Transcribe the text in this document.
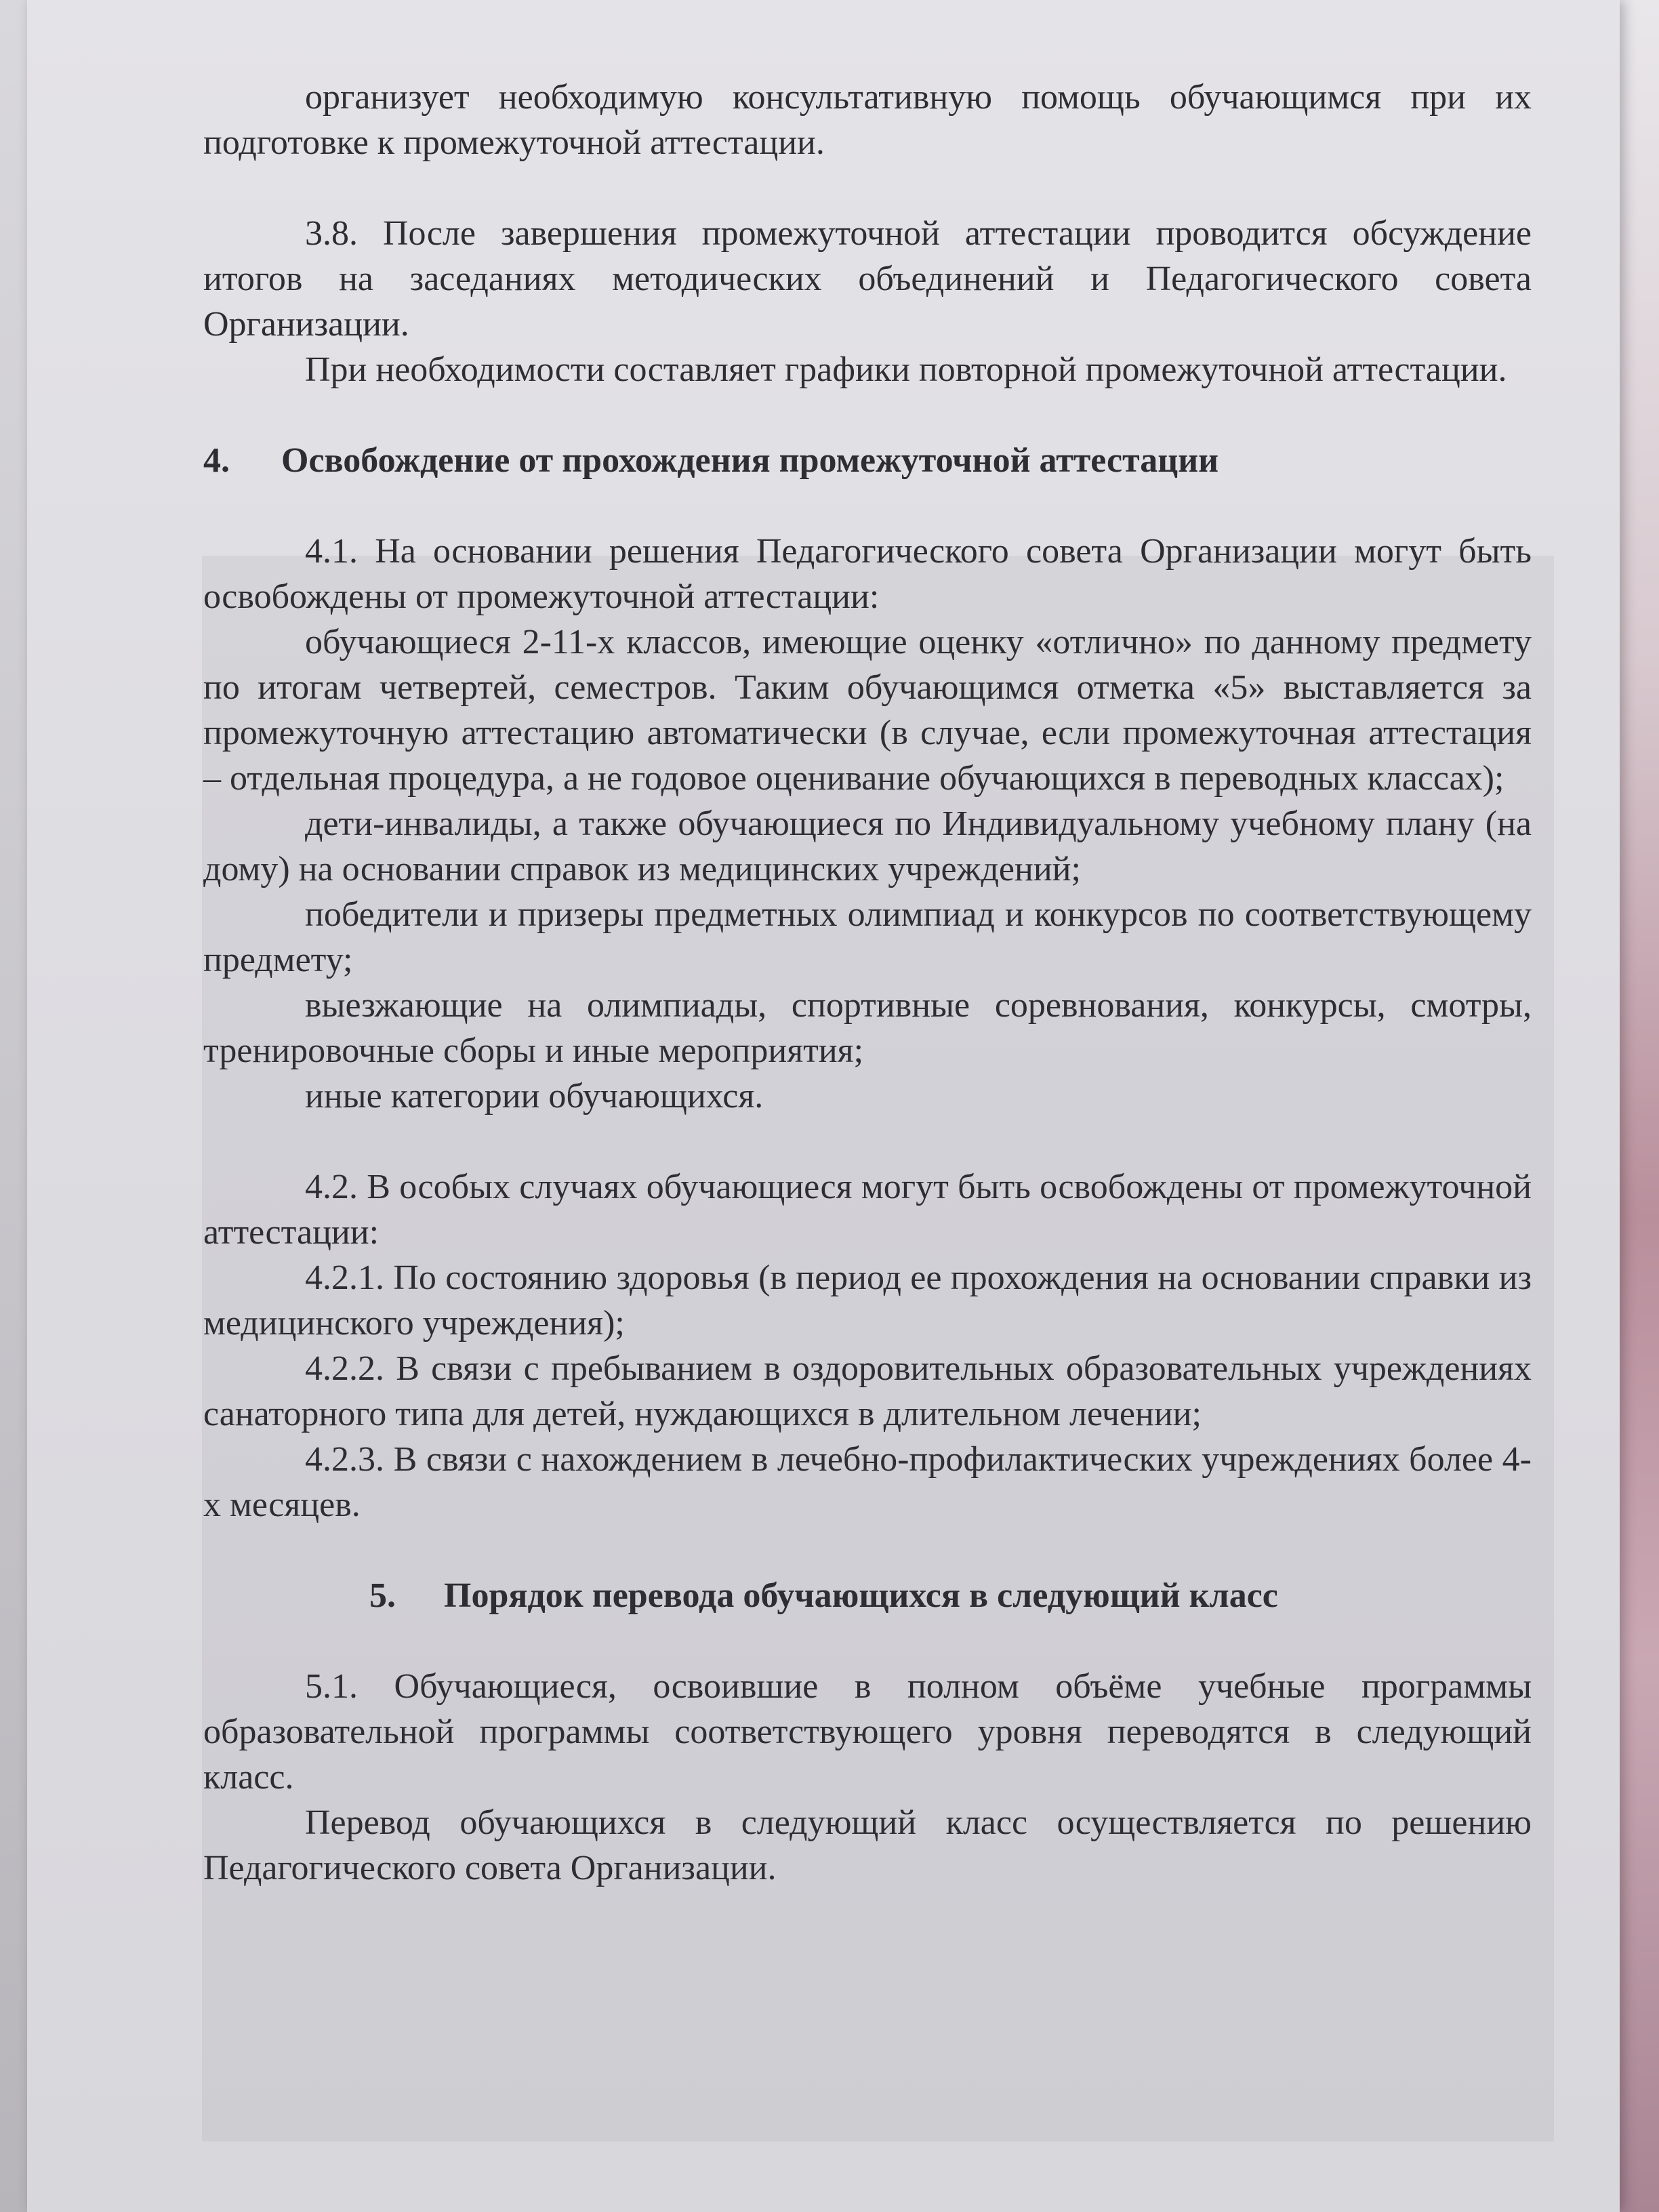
организует необходимую консультативную помощь обучающимся при их подготовке к промежуточной аттестации.

3.8. После завершения промежуточной аттестации проводится обсуждение итогов на заседаниях методических объединений и Педагогического совета Организации.

При необходимости составляет графики повторной промежуточной аттестации.

4. Освобождение от прохождения промежуточной аттестации

4.1. На основании решения Педагогического совета Организации могут быть освобождены от промежуточной аттестации:

обучающиеся 2-11-х классов, имеющие оценку «отлично» по данному предмету по итогам четвертей, семестров. Таким обучающимся отметка «5» выставляется за промежуточную аттестацию автоматически (в случае, если промежуточная аттестация – отдельная процедура, а не годовое оценивание обучающихся в переводных классах);

дети-инвалиды, а также обучающиеся по Индивидуальному учебному плану (на дому) на основании справок из медицинских учреждений;

победители и призеры предметных олимпиад и конкурсов по соответствующему предмету;

выезжающие на олимпиады, спортивные соревнования, конкурсы, смотры, тренировочные сборы и иные мероприятия;

иные категории обучающихся.

4.2. В особых случаях обучающиеся могут быть освобождены от промежуточной аттестации:

4.2.1. По состоянию здоровья (в период ее прохождения на основании справки из медицинского учреждения);

4.2.2. В связи с пребыванием в оздоровительных образовательных учреждениях санаторного типа для детей, нуждающихся в длительном лечении;

4.2.3. В связи с нахождением в лечебно-профилактических учреждениях более 4-х месяцев.

5. Порядок перевода обучающихся в следующий класс

5.1. Обучающиеся, освоившие в полном объёме учебные программы образовательной программы соответствующего уровня переводятся в следующий класс.

Перевод обучающихся в следующий класс осуществляется по решению Педагогического совета Организации.
